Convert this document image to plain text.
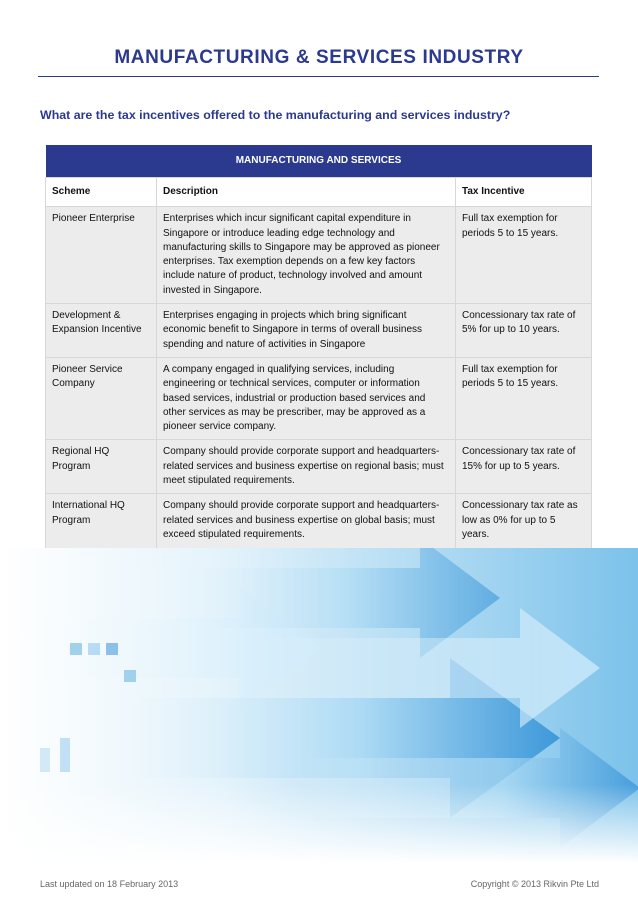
MANUFACTURING & SERVICES INDUSTRY
What are the tax incentives offered to the manufacturing and services industry?
MANUFACTURING AND SERVICES		
Scheme	Description	Tax Incentive
Pioneer Enterprise	Enterprises which incur significant capital expenditure in Singapore or introduce leading edge technology and manufacturing skills to Singapore may be approved as pioneer enterprises. Tax exemption depends on a few key factors include nature of product, technology involved and amount invested in Singapore.	Full tax exemption for periods 5 to 15 years.
Development & Expansion Incentive	Enterprises engaging in projects which bring significant economic benefit to Singapore in terms of overall business spending and nature of activities in Singapore	Concessionary tax rate of 5% for up to 10 years.
Pioneer Service Company	A company engaged in qualifying services, including engineering or technical services, computer or information based services, industrial or production based services and other services as may be prescriber, may be approved as a pioneer service company.	Full tax exemption for periods 5 to 15 years.
Regional HQ Program	Company should provide corporate support and headquarters-related services and business expertise on regional basis; must meet stipulated requirements.	Concessionary tax rate of 15% for up to 5 years.
International HQ Program	Company should provide corporate support and headquarters-related services and business expertise on global basis; must exceed stipulated requirements.	Concessionary tax rate as low as 0% for up to 5 years.
Last updated on 18 February 2013	Copyright © 2013 Rikvin Pte Ltd
